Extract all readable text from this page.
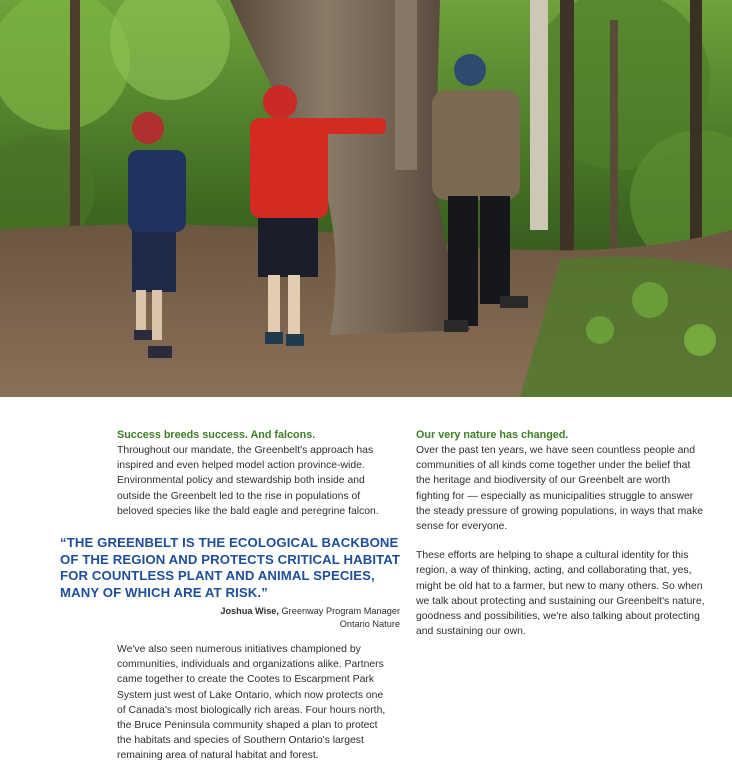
Success breeds success. And falcons.

Throughout our mandate, the Greenbelt's approach has inspired and even helped model action province-wide. Environmental policy and stewardship both inside and outside the Greenbelt led to the rise in populations of beloved species like the bald eagle and peregrine falcon.

“THE GREENBELT IS THE ECOLOGICAL BACKBONE OF THE REGION AND PROTECTS CRITICAL HABITAT FOR COUNTLESS PLANT AND ANIMAL SPECIES, MANY OF WHICH ARE AT RISK.”
Joshua Wise, Greenway Program Manager
Ontario Nature

We've also seen numerous initiatives championed by communities, individuals and organizations alike. Partners came together to create the Cootes to Escarpment Park System just west of Lake Ontario, which now protects one of Canada's most biologically rich areas. Four hours north, the Bruce Peninsula community shaped a plan to protect the habitats and species of Southern Ontario's largest remaining area of natural habitat and forest.

Our very nature has changed.

Over the past ten years, we have seen countless people and communities of all kinds come together under the belief that the heritage and biodiversity of our Greenbelt are worth fighting for — especially as municipalities struggle to answer the steady pressure of growing populations, in ways that make sense for everyone.

These efforts are helping to shape a cultural identity for this region, a way of thinking, acting, and collaborating that, yes, might be old hat to a farmer, but new to many others. So when we talk about protecting and sustaining our Greenbelt's nature, goodness and possibilities, we're also talking about protecting and sustaining our own.
